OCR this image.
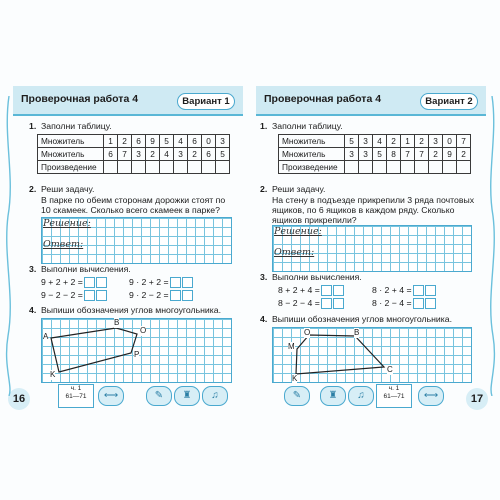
Проверочная работа 4	Вариант 1
1. Заполни таблицу.
Множитель	1	2	6	9	5	4	6	0	3
Множитель	6	7	3	2	4	3	2	6	5
Произведение									
2. Реши задачу.
В парке по обеим сторонам дорожки стоят по 10 скамеек. Сколько всего скамеек в парке?
Решение:
Ответ:
3. Выполни вычисления.
9 + 2 + 2 =	9 · 2 + 2 =
9 − 2 − 2 =	9 · 2 − 2 =
4. Выпиши обозначения углов многоугольника.
A
B
O
P
K
16
ч. 1
61—71	⟷	✎	♜	♫
Проверочная работа 4	Вариант 2
1. Заполни таблицу.
Множитель	5	3	4	2	1	2	3	0	7
Множитель	3	3	5	8	7	7	2	9	2
Произведение									
2. Реши задачу.
На стену в подъезде прикрепили 3 ряда почтовых ящиков, по 6 ящиков в каждом ряду. Сколько ящиков прикрепили?
Решение:
Ответ:
3. Выполни вычисления.
8 + 2 + 4 =	8 · 2 + 4 =
8 − 2 − 4 =	8 · 2 − 4 =
4. Выпиши обозначения углов многоугольника.
M
O	B
C
K
✎	♜	♫
ч. 1
61—71	⟷	17
